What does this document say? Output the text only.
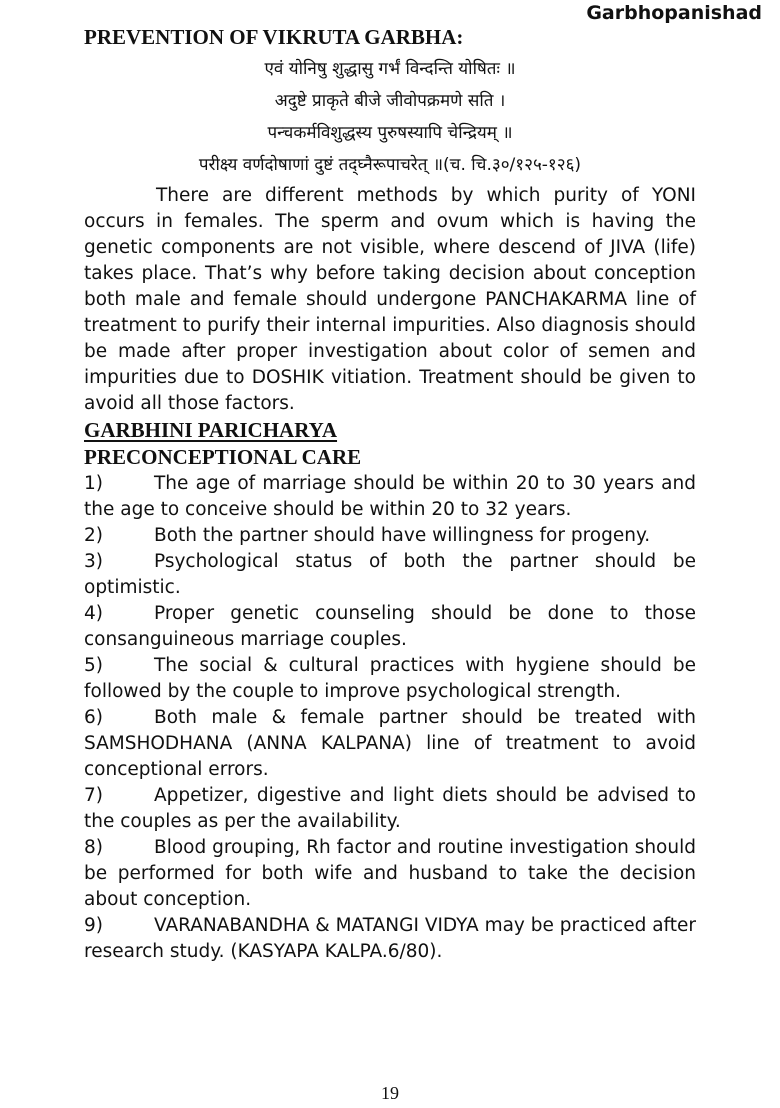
Garbhopanishad
PREVENTION OF VIKRUTA GARBHA:

एवं योनिषु शुद्धासु गर्भं विन्दन्ति योषितः ॥

अदुष्टे प्राकृते बीजे जीवोपक्रमणे सति ।

पन्चकर्मविशुद्धस्य पुरुषस्यापि चेन्द्रियम् ॥

परीक्ष्य वर्णदोषाणां दुष्टं तद्घ्नैरूपाचरेत् ॥(च. चि.३०/१२५-१२६)

There are different methods by which purity of YONI occurs in females. The sperm and ovum which is having the genetic components are not visible, where descend of JIVA (life) takes place. That’s why before taking decision about conception both male and female should undergone PANCHAKARMA line of treatment to purify their internal impurities. Also diagnosis should be made after proper investigation about color of semen and impurities due to DOSHIK vitiation. Treatment should be given to avoid all those factors.

GARBHINI PARICHARYA
PRECONCEPTIONAL CARE

1)	The age of marriage should be within 20 to 30 years and the age to conceive should be within 20 to 32 years.

2)	Both the partner should have willingness for progeny.

3)	Psychological status of both the partner should be optimistic.

4)	Proper genetic counseling should be done to those consanguineous marriage couples.

5)	The social & cultural practices with hygiene should be followed by the couple to improve psychological strength.

6)	Both male & female partner should be treated with SAMSHODHANA (ANNA KALPANA) line of treatment to avoid conceptional errors.

7)	Appetizer, digestive and light diets should be advised to the couples as per the availability.

8)	Blood grouping, Rh factor and routine investigation should be performed for both wife and husband to take the decision about conception.

9)	VARANABANDHA & MATANGI VIDYA may be practiced after research study. (KASYAPA KALPA.6/80).

19
